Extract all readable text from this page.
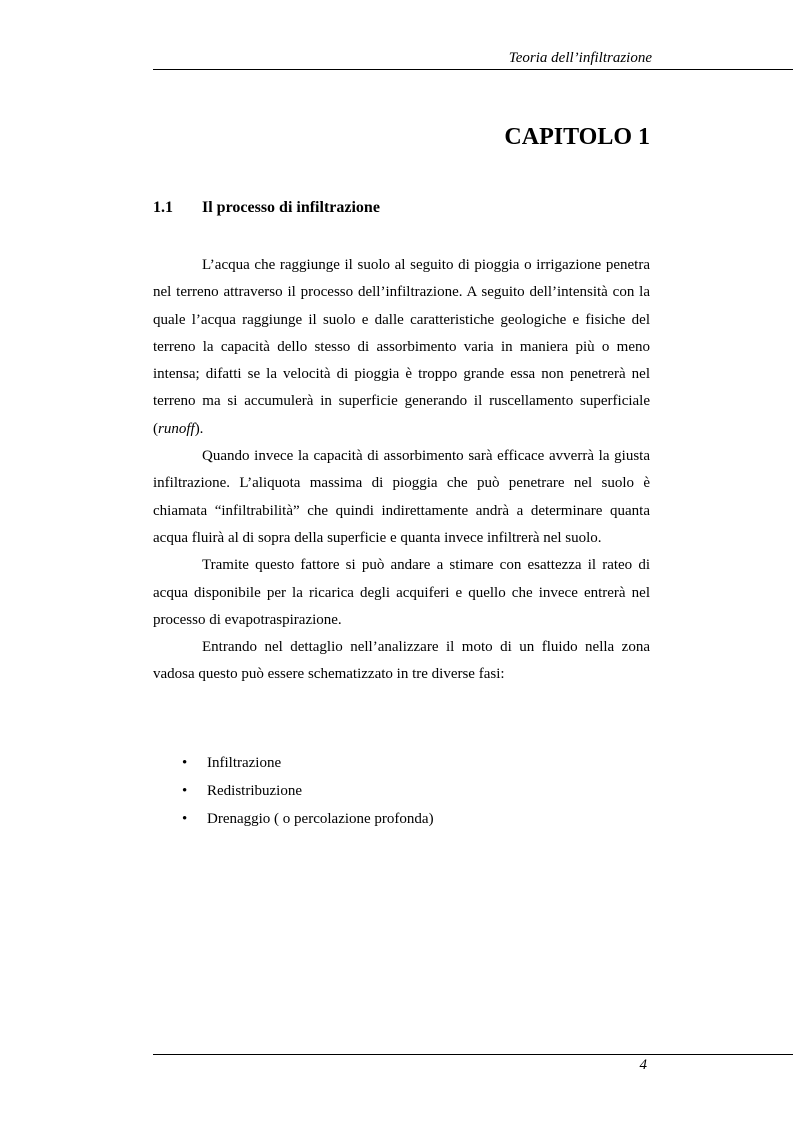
Teoria dell’infiltrazione
CAPITOLO 1
1.1 Il processo di infiltrazione

L’acqua che raggiunge il suolo al seguito di pioggia o irrigazione penetra nel terreno attraverso il processo dell’infiltrazione. A seguito dell’intensità con la quale l’acqua raggiunge il suolo e dalle caratteristiche geologiche e fisiche del terreno la capacità dello stesso di assorbimento varia in maniera più o meno intensa; difatti se la velocità di pioggia è troppo grande essa non penetrerà nel terreno ma si accumulerà in superficie generando il ruscellamento superficiale (runoff).

Quando invece la capacità di assorbimento sarà efficace avverrà la giusta infiltrazione. L’aliquota massima di pioggia che può penetrare nel suolo è chiamata “infiltrabilità” che quindi indirettamente andrà a determinare quanta acqua fluirà al di sopra della superficie e quanta invece infiltrerà nel suolo.

Tramite questo fattore si può andare a stimare con esattezza il rateo di acqua disponibile per la ricarica degli acquiferi e quello che invece entrerà nel processo di evapotraspirazione.

Entrando nel dettaglio nell’analizzare il moto di un fluido nella zona vadosa questo può essere schematizzato in tre diverse fasi:

• Infiltrazione
• Redistribuzione
• Drenaggio ( o percolazione profonda)
4
